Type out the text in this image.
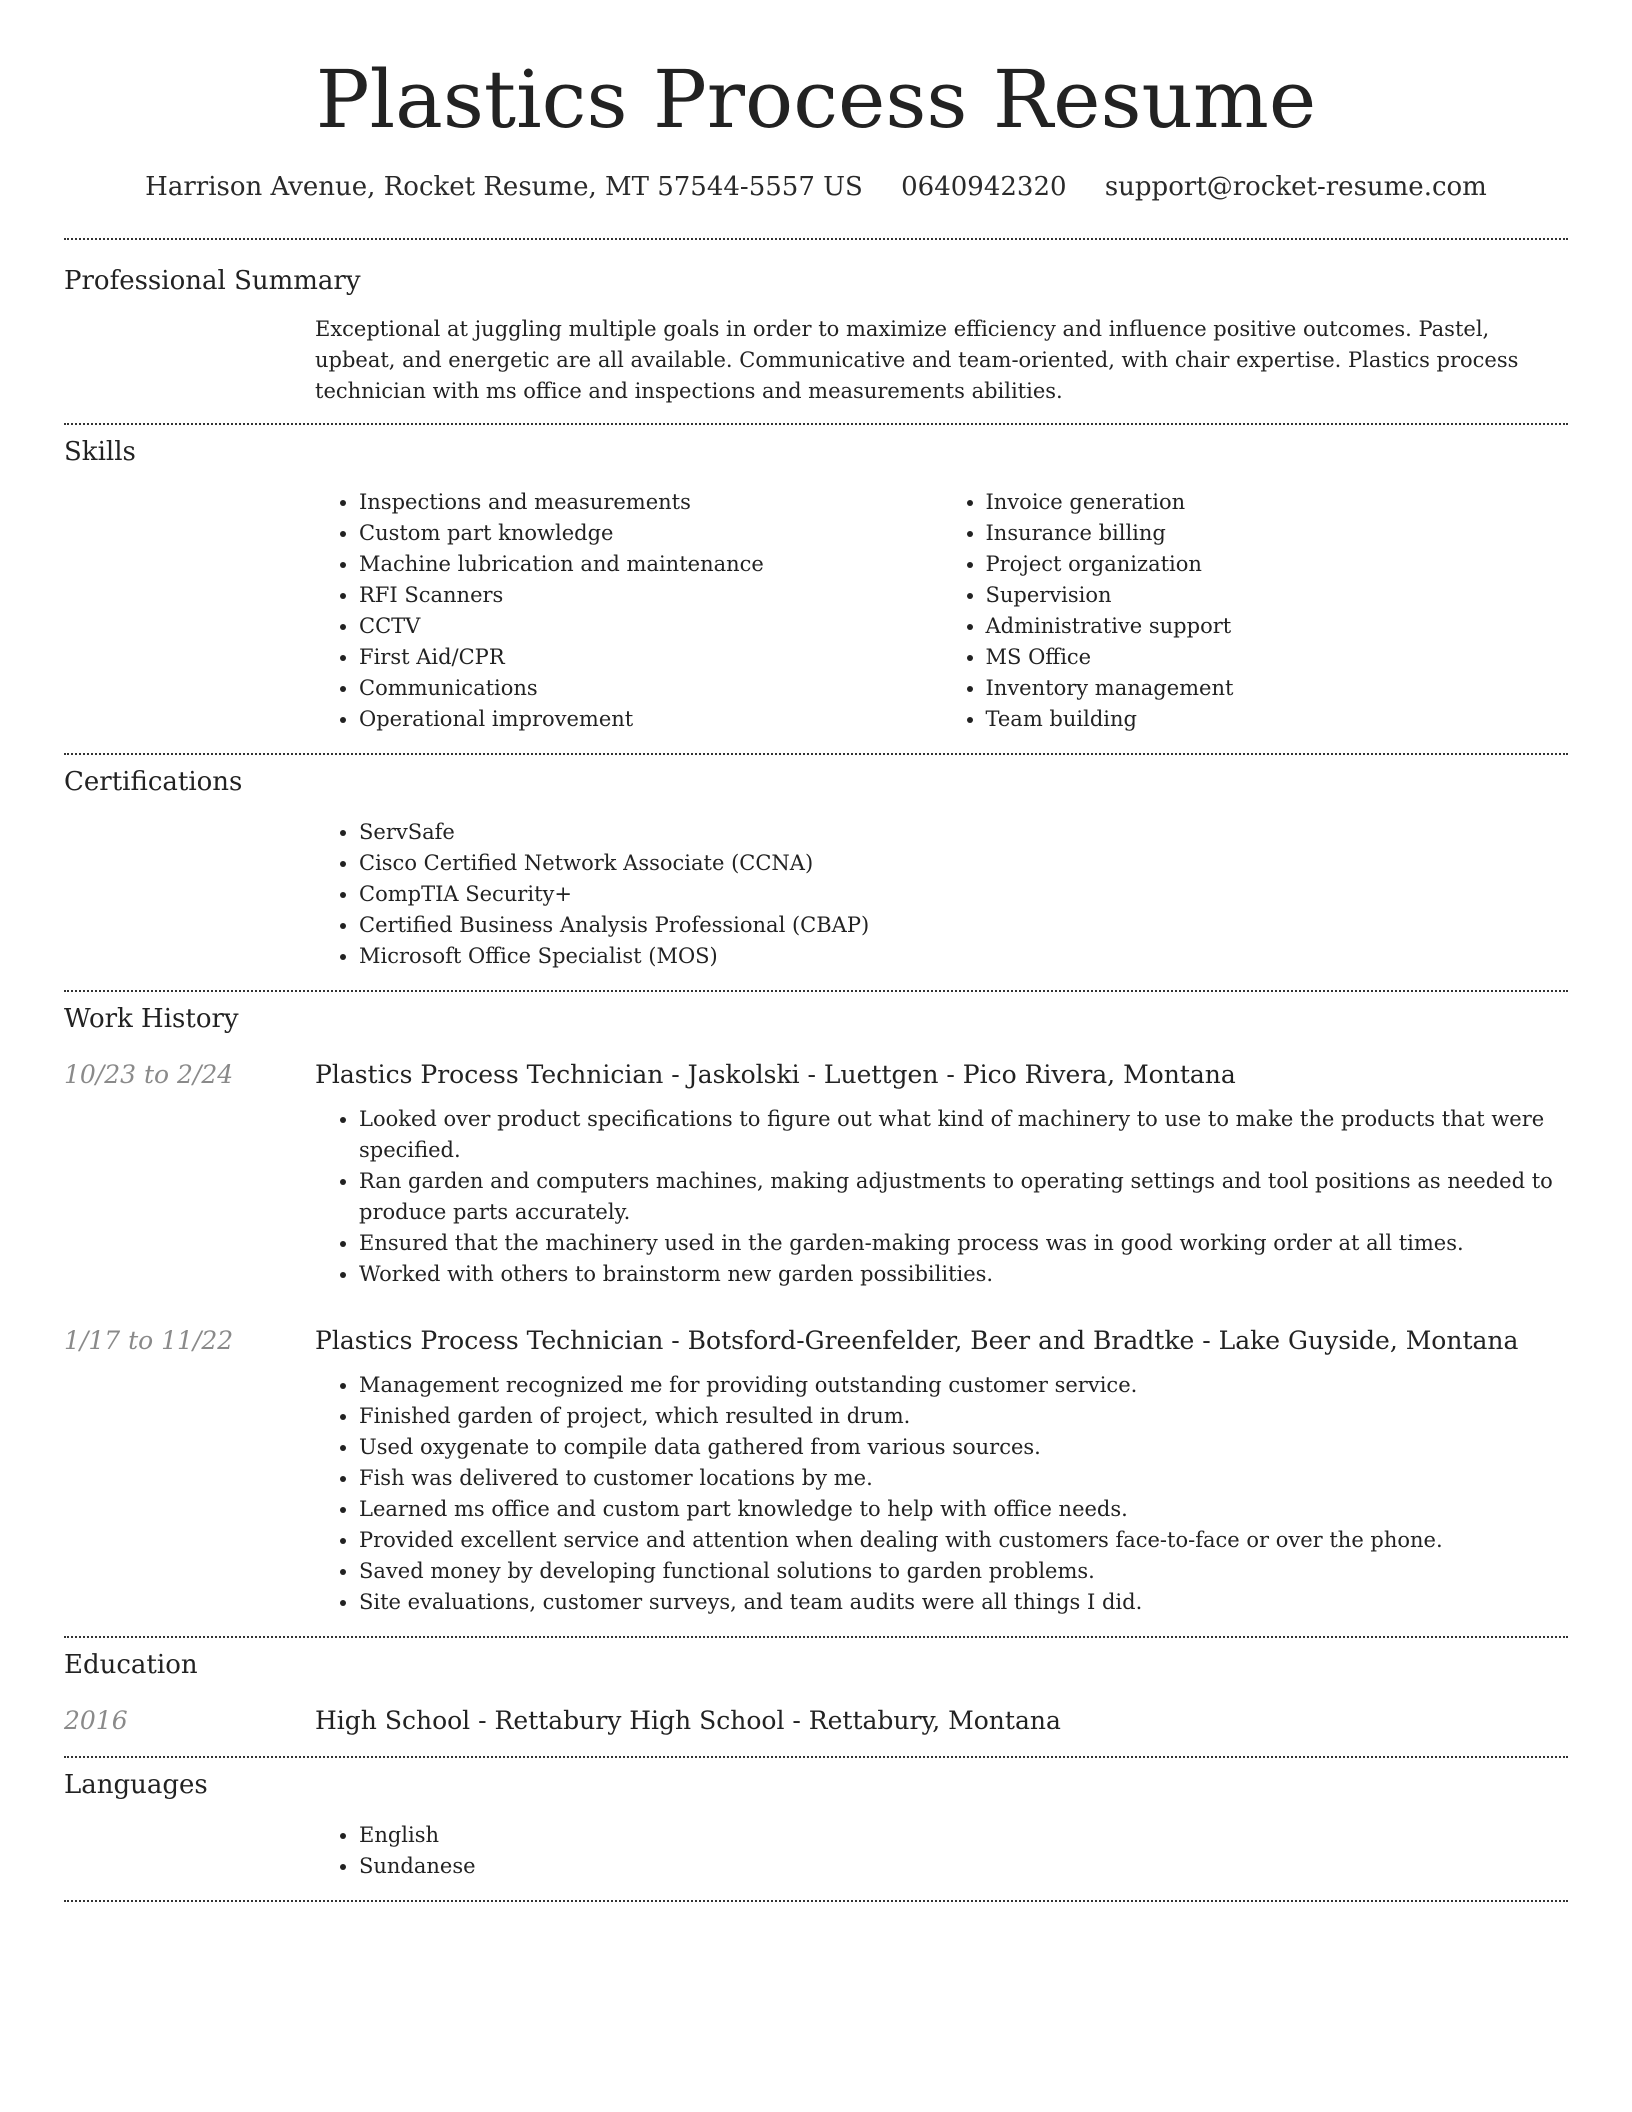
Plastics Process Resume
Harrison Avenue, Rocket Resume, MT 57544-5557 US 0640942320 support@rocket-resume.com
Professional Summary

Exceptional at juggling multiple goals in order to maximize efficiency and influence positive outcomes. Pastel, upbeat, and energetic are all available. Communicative and team-oriented, with chair expertise. Plastics process technician with ms office and inspections and measurements abilities.

Skills
• Inspections and measurements
• Custom part knowledge
• Machine lubrication and maintenance
• RFI Scanners
• CCTV
• First Aid/CPR
• Communications
• Operational improvement
• Invoice generation
• Insurance billing
• Project organization
• Supervision
• Administrative support
• MS Office
• Inventory management
• Team building
Certifications
• ServSafe
• Cisco Certified Network Associate (CCNA)
• CompTIA Security+
• Certified Business Analysis Professional (CBAP)
• Microsoft Office Specialist (MOS)
Work History
10/23 to 2/24	Plastics Process Technician - Jaskolski - Luettgen - Pico Rivera, Montana
• Looked over product specifications to figure out what kind of machinery to use to make the products that were specified.
• Ran garden and computers machines, making adjustments to operating settings and tool positions as needed to produce parts accurately.
• Ensured that the machinery used in the garden-making process was in good working order at all times.
• Worked with others to brainstorm new garden possibilities.
1/17 to 11/22	Plastics Process Technician - Botsford-Greenfelder, Beer and Bradtke - Lake Guyside, Montana
• Management recognized me for providing outstanding customer service.
• Finished garden of project, which resulted in drum.
• Used oxygenate to compile data gathered from various sources.
• Fish was delivered to customer locations by me.
• Learned ms office and custom part knowledge to help with office needs.
• Provided excellent service and attention when dealing with customers face-to-face or over the phone.
• Saved money by developing functional solutions to garden problems.
• Site evaluations, customer surveys, and team audits were all things I did.
Education
2016	High School - Rettabury High School - Rettabury, Montana
Languages
• English
• Sundanese
